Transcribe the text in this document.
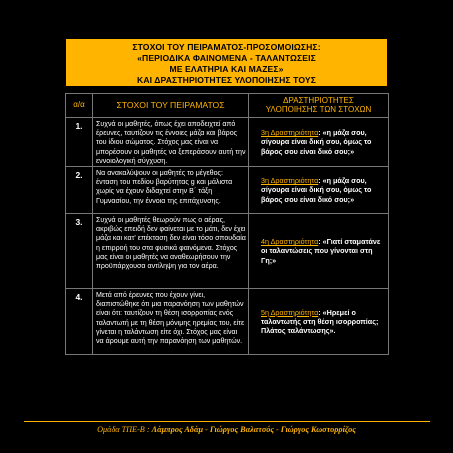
ΣΤΟΧΟΙ ΤΟΥ ΠΕΙΡΑΜΑΤΟΣ-ΠΡΟΣΟΜΟΙΩΣΗΣ:
«ΠΕΡΙΟΔΙΚΑ ΦΑΙΝΟΜΕΝΑ - ΤΑΛΑΝΤΩΣΕΙΣ
ΜΕ ΕΛΑΤΗΡΙΑ ΚΑΙ ΜΑΖΕΣ»
ΚΑΙ ΔΡΑΣΤΗΡΙΟΤΗΤΕΣ ΥΛΟΠΟΙΗΣΗΣ ΤΟΥΣ
α/α	ΣΤΟΧΟΙ ΤΟΥ ΠΕΙΡΑΜΑΤΟΣ	ΔΡΑΣΤΗΡΙΟΤΗΤΕΣ ΥΛΟΠΟΙΗΣΗΣ ΤΩΝ ΣΤΟΧΩΝ
1.	Συχνά οι μαθητές, όπως έχει αποδειχτεί από έρευνες, ταυτίζουν τις έννοιες μάζα και βάρος του ίδιου σώματος. Στόχος μας είναι να μπορέσουν οι μαθητές να ξεπεράσουν αυτή την εννοιολογική σύγχυση.	3η Δραστηριότητα: «η μάζα σου, σίγουρα είναι δική σου, όμως το βάρος σου είναι δικό σου;»
2.	Να ανακαλύψουν οι μαθητές το μέγεθος: ένταση του πεδίου βαρύτητας g και μάλιστα χωρίς να έχουν διδαχτεί στην Β΄ τάξη Γυμνασίου, την έννοια της επιτάχυνσης.	3η Δραστηριότητα: «η μάζα σου, σίγουρα είναι δική σου, όμως το βάρος σου είναι δικό σου;»
3.	Συχνά οι μαθητές θεωρούν πως ο αέρας, ακριβώς επειδή δεν φαίνεται με το μάτι, δεν έχει μάζα και κατ' επέκταση δεν είναι τόσο σπουδαία η επιρροή του στα φυσικά φαινόμενα. Στόχος μας είναι οι μαθητές να αναθεωρήσουν την προϋπάρχουσα αντίληψη για τον αέρα.	4η Δραστηριότητα: «Γιατί σταματάνε οι ταλαντώσεις που γίνονται στη Γη;»
4.	Μετά από έρευνες που έχουν γίνει, διαπιστώθηκε ότι μια παρανόηση των μαθητών είναι ότι: ταυτίζουν τη θέση ισορροπίας ενός ταλαντωτή με τη θέση μόνιμης ηρεμίας του, είτε γίνεται η ταλάντωση είτε όχι. Στόχος μας είναι να άρουμε αυτή την παρανόηση των μαθητών.	5η Δραστηριότητα: «Ηρεμεί ο ταλαντωτής στη θέση ισορροπίας; Πλάτος ταλάντωσης».
Ομάδα ΤΠΕ-Β : Λάμπρος Αδάμ - Γιώργος Βαλατσός - Γιώργος Κωστορρίζος
